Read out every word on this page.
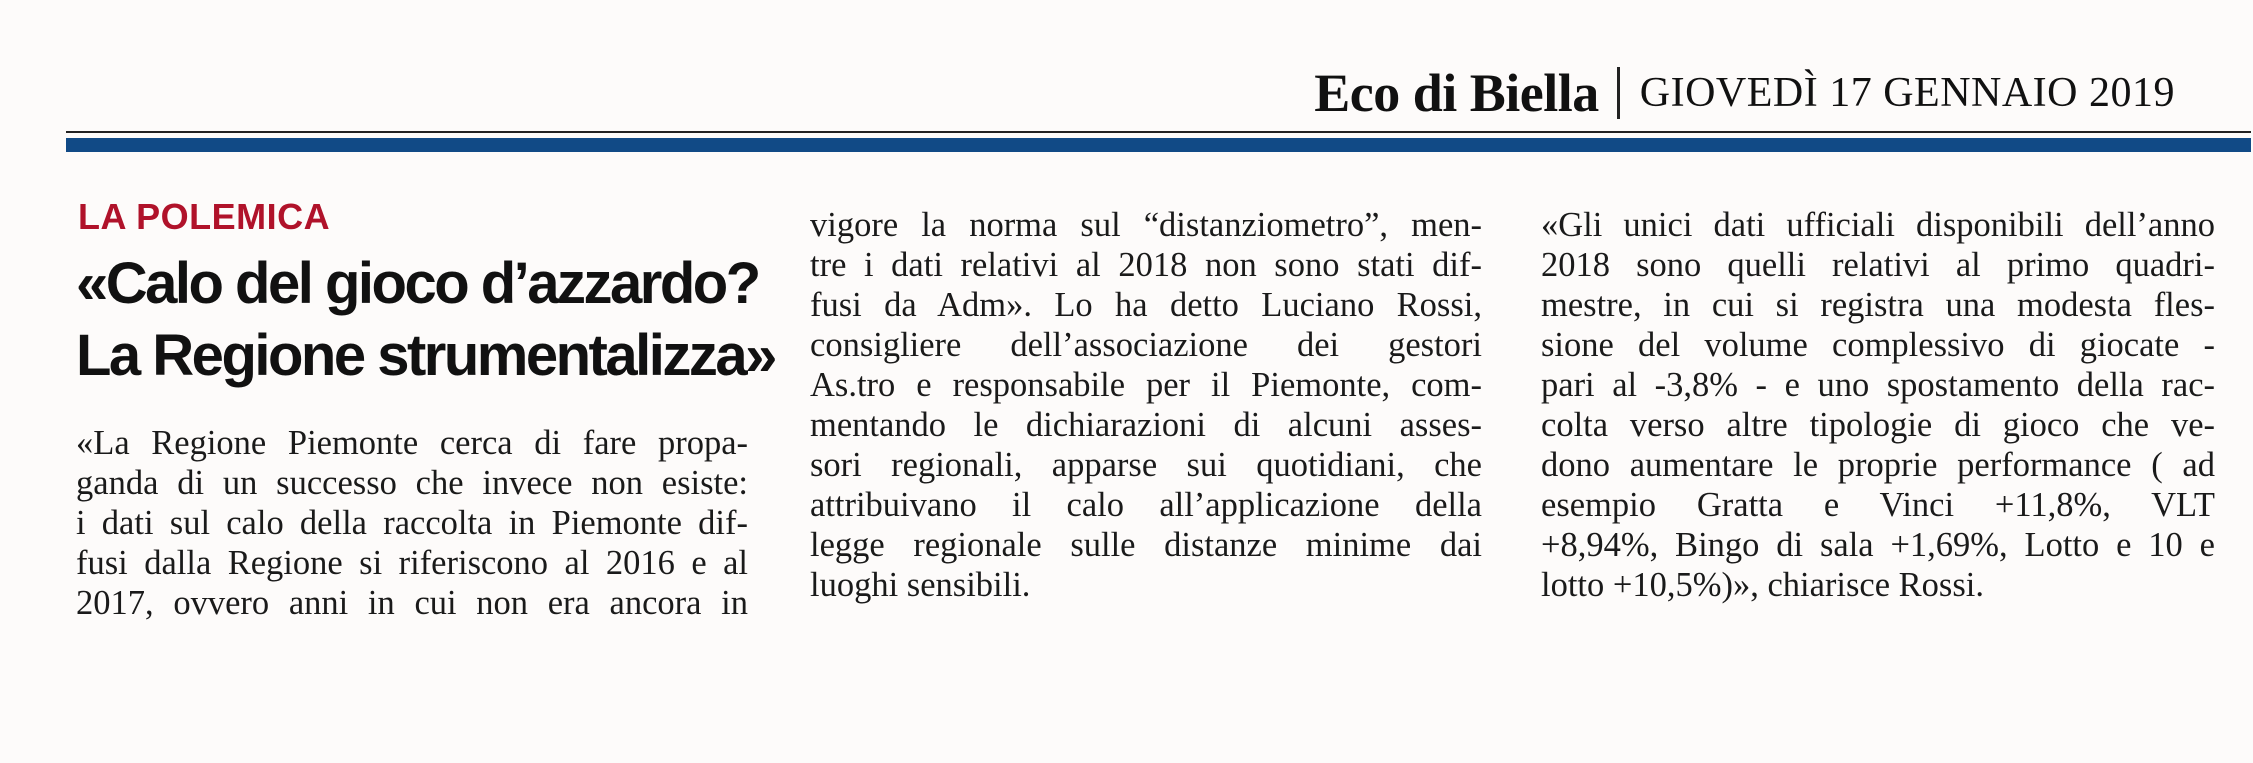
Eco di Biella GIOVEDÌ 17 GENNAIO 2019
LA POLEMICA
«Calo del gioco d’azzardo?
La Regione strumentalizza»
«La Regione Piemonte cerca di fare propa-
ganda di un successo che invece non esiste:
i dati sul calo della raccolta in Piemonte dif-
fusi dalla Regione si riferiscono al 2016 e al
2017, ovvero anni in cui non era ancora in
vigore la norma sul “distanziometro”, men-
tre i dati relativi al 2018 non sono stati dif-
fusi da Adm». Lo ha detto Luciano Rossi,
consigliere dell’associazione dei gestori
As.tro e responsabile per il Piemonte, com-
mentando le dichiarazioni di alcuni asses-
sori regionali, apparse sui quotidiani, che
attribuivano il calo all’applicazione della
legge regionale sulle distanze minime dai
luoghi sensibili.
«Gli unici dati ufficiali disponibili dell’anno
2018 sono quelli relativi al primo quadri-
mestre, in cui si registra una modesta fles-
sione del volume complessivo di giocate -
pari al -3,8% - e uno spostamento della rac-
colta verso altre tipologie di gioco che ve-
dono aumentare le proprie performance ( ad
esempio Gratta e Vinci +11,8%, VLT
+8,94%, Bingo di sala +1,69%, Lotto e 10 e
lotto +10,5%)», chiarisce Rossi.
